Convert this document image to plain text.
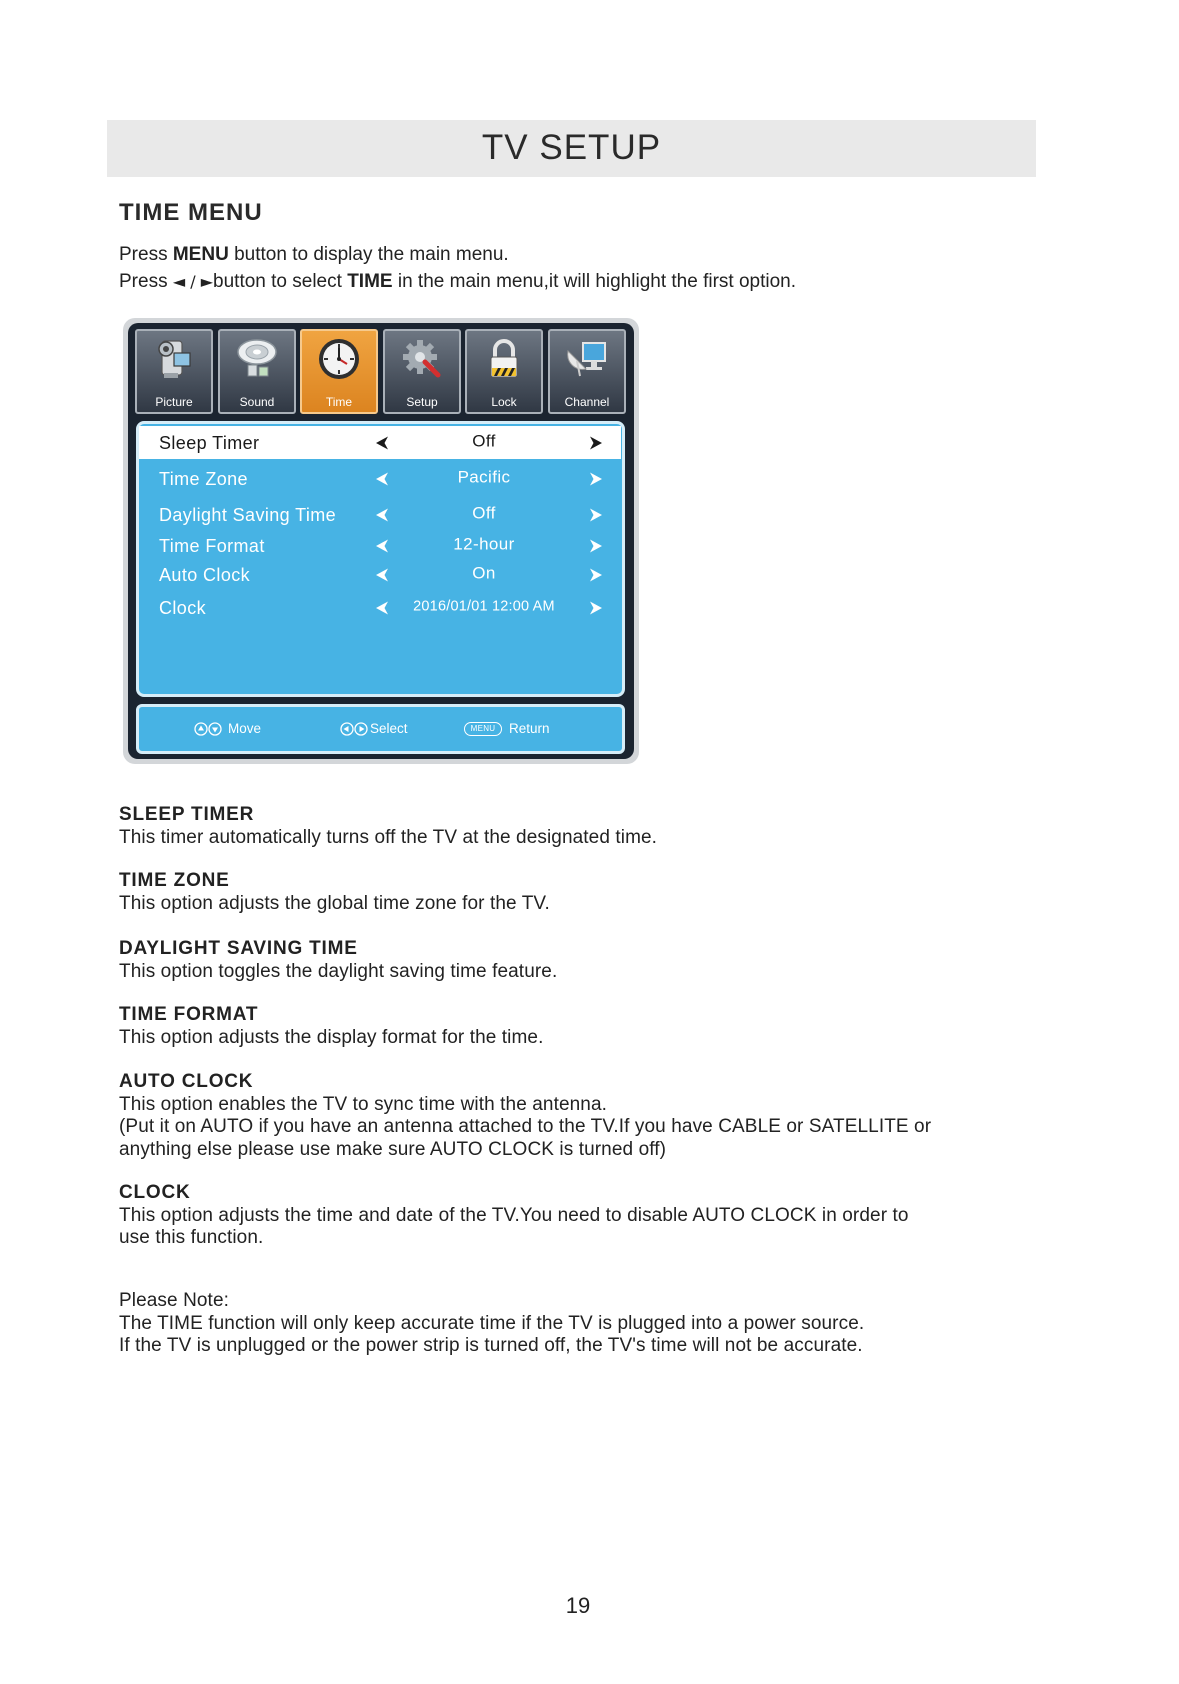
TV SETUP
TIME MENU
Press MENU button to display the main menu.
Press ◄ / ►button to select TIME in the main menu,it will highlight the first option.
Picture	Sound	Time	Setup	Lock	Channel
Sleep Timer	Off
Time Zone	Pacific
Daylight Saving Time	Off
Time Format	12-hour
Auto Clock	On
Clock	2016/01/01 12:00 AM
Move	Select	MENU	Return
SLEEP TIMER
This timer automatically turns off the TV at the designated time.
TIME ZONE
This option adjusts the global time zone for the TV.
DAYLIGHT SAVING TIME
This option toggles the daylight saving time feature.
TIME FORMAT
This option adjusts the display format for the time.
AUTO CLOCK
This option enables the TV to sync time with the antenna.
(Put it on AUTO if you have an antenna attached to the TV.If you have CABLE or SATELLITE or
anything else please use make sure AUTO CLOCK is turned off)
CLOCK
This option adjusts the time and date of the TV.You need to disable AUTO CLOCK in order to
use this function.
Please Note:
The TIME function will only keep accurate time if the TV is plugged into a power source.
If the TV is unplugged or the power strip is turned off, the TV's time will not be accurate.
19
